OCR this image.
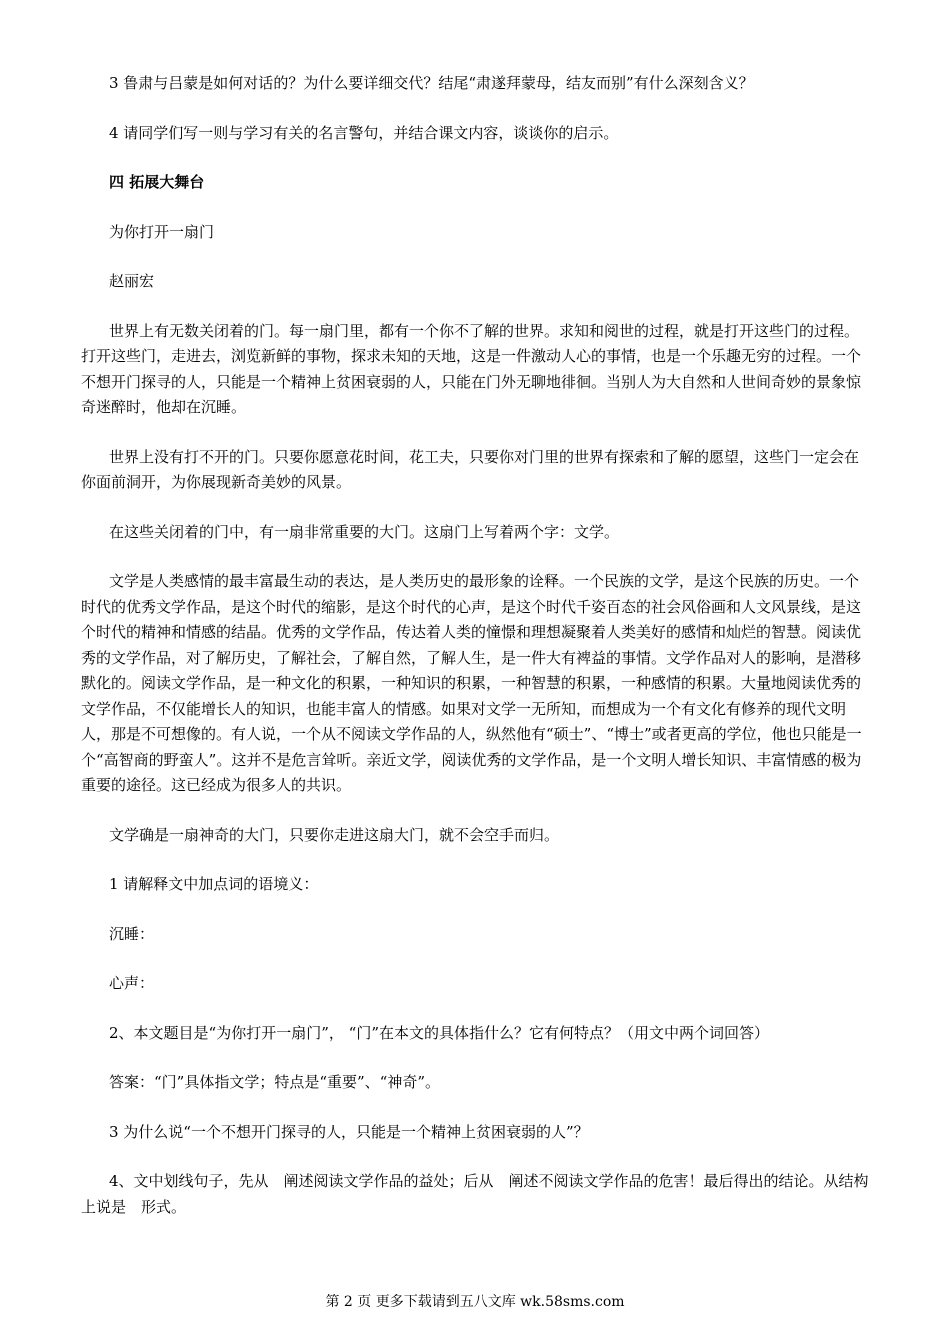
3 鲁肃与吕蒙是如何对话的？为什么要详细交代？结尾“肃遂拜蒙母，结友而别”有什么深刻含义？

4 请同学们写一则与学习有关的名言警句，并结合课文内容，谈谈你的启示。

四 拓展大舞台

为你打开一扇门

赵丽宏

世界上有无数关闭着的门。每一扇门里，都有一个你不了解的世界。求知和阅世的过程，就是打开这些门的过程。打开这些门，走进去，浏览新鲜的事物，探求未知的天地，这是一件激动人心的事情，也是一个乐趣无穷的过程。一个不想开门探寻的人，只能是一个精神上贫困衰弱的人，只能在门外无聊地徘徊。当别人为大自然和人世间奇妙的景象惊奇迷醉时，他却在沉睡。

世界上没有打不开的门。只要你愿意花时间，花工夫，只要你对门里的世界有探索和了解的愿望，这些门一定会在你面前洞开，为你展现新奇美妙的风景。

在这些关闭着的门中，有一扇非常重要的大门。这扇门上写着两个字：文学。

文学是人类感情的最丰富最生动的表达，是人类历史的最形象的诠释。一个民族的文学，是这个民族的历史。一个时代的优秀文学作品，是这个时代的缩影，是这个时代的心声，是这个时代千姿百态的社会风俗画和人文风景线，是这个时代的精神和情感的结晶。优秀的文学作品，传达着人类的憧憬和理想凝聚着人类美好的感情和灿烂的智慧。阅读优秀的文学作品，对了解历史，了解社会，了解自然，了解人生，是一件大有裨益的事情。文学作品对人的影响，是潜移默化的。阅读文学作品，是一种文化的积累，一种知识的积累，一种智慧的积累，一种感情的积累。大量地阅读优秀的文学作品，不仅能增长人的知识，也能丰富人的情感。如果对文学一无所知，而想成为一个有文化有修养的现代文明人，那是不可想像的。有人说，一个从不阅读文学作品的人，纵然他有“硕士”、“博士”或者更高的学位，他也只能是一个“高智商的野蛮人”。这并不是危言耸听。亲近文学，阅读优秀的文学作品，是一个文明人增长知识、丰富情感的极为重要的途径。这已经成为很多人的共识。

文学确是一扇神奇的大门，只要你走进这扇大门，就不会空手而归。

1 请解释文中加点词的语境义：

沉睡：

心声：

2、本文题目是“为你打开一扇门”， “门”在本文的具体指什么？它有何特点？（用文中两个词回答）

答案：“门”具体指文学；特点是“重要”、“神奇”。

3 为什么说“一个不想开门探寻的人，只能是一个精神上贫困衰弱的人”？

4、文中划线句子，先从　阐述阅读文学作品的益处；后从　阐述不阅读文学作品的危害！最后得出的结论。从结构上说是　形式。

第 2 页 更多下载请到五八文库 wk.58sms.com
